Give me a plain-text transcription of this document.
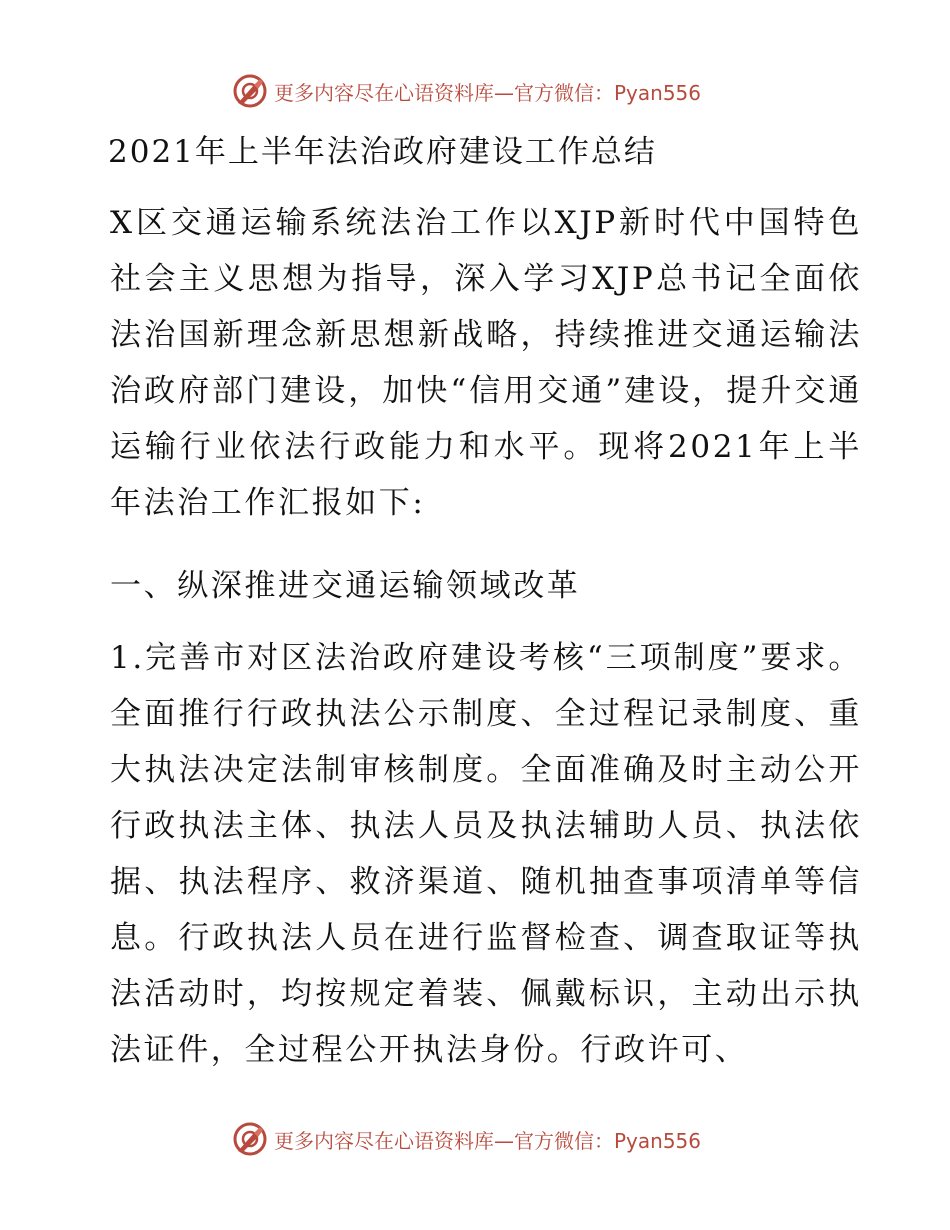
更多内容尽在心语资料库—官方微信：Pyan556
2021年上半年法治政府建设工作总结

X区交通运输系统法治工作以XJP新时代中国特色社会主义思想为指导，深入学习XJP总书记全面依法治国新理念新思想新战略，持续推进交通运输法治政府部门建设，加快“信用交通”建设，提升交通运输行业依法行政能力和水平。现将2021年上半年法治工作汇报如下:

一、纵深推进交通运输领域改革

1.完善市对区法治政府建设考核“三项制度”要求。全面推行行政执法公示制度、全过程记录制度、重大执法决定法制审核制度。全面准确及时主动公开行政执法主体、执法人员及执法辅助人员、执法依据、执法程序、救济渠道、随机抽查事项清单等信息。行政执法人员在进行监督检查、调查取证等执法活动时，均按规定着装、佩戴标识，主动出示执法证件，全过程公开执法身份。行政许可、

更多内容尽在心语资料库—官方微信：Pyan556
